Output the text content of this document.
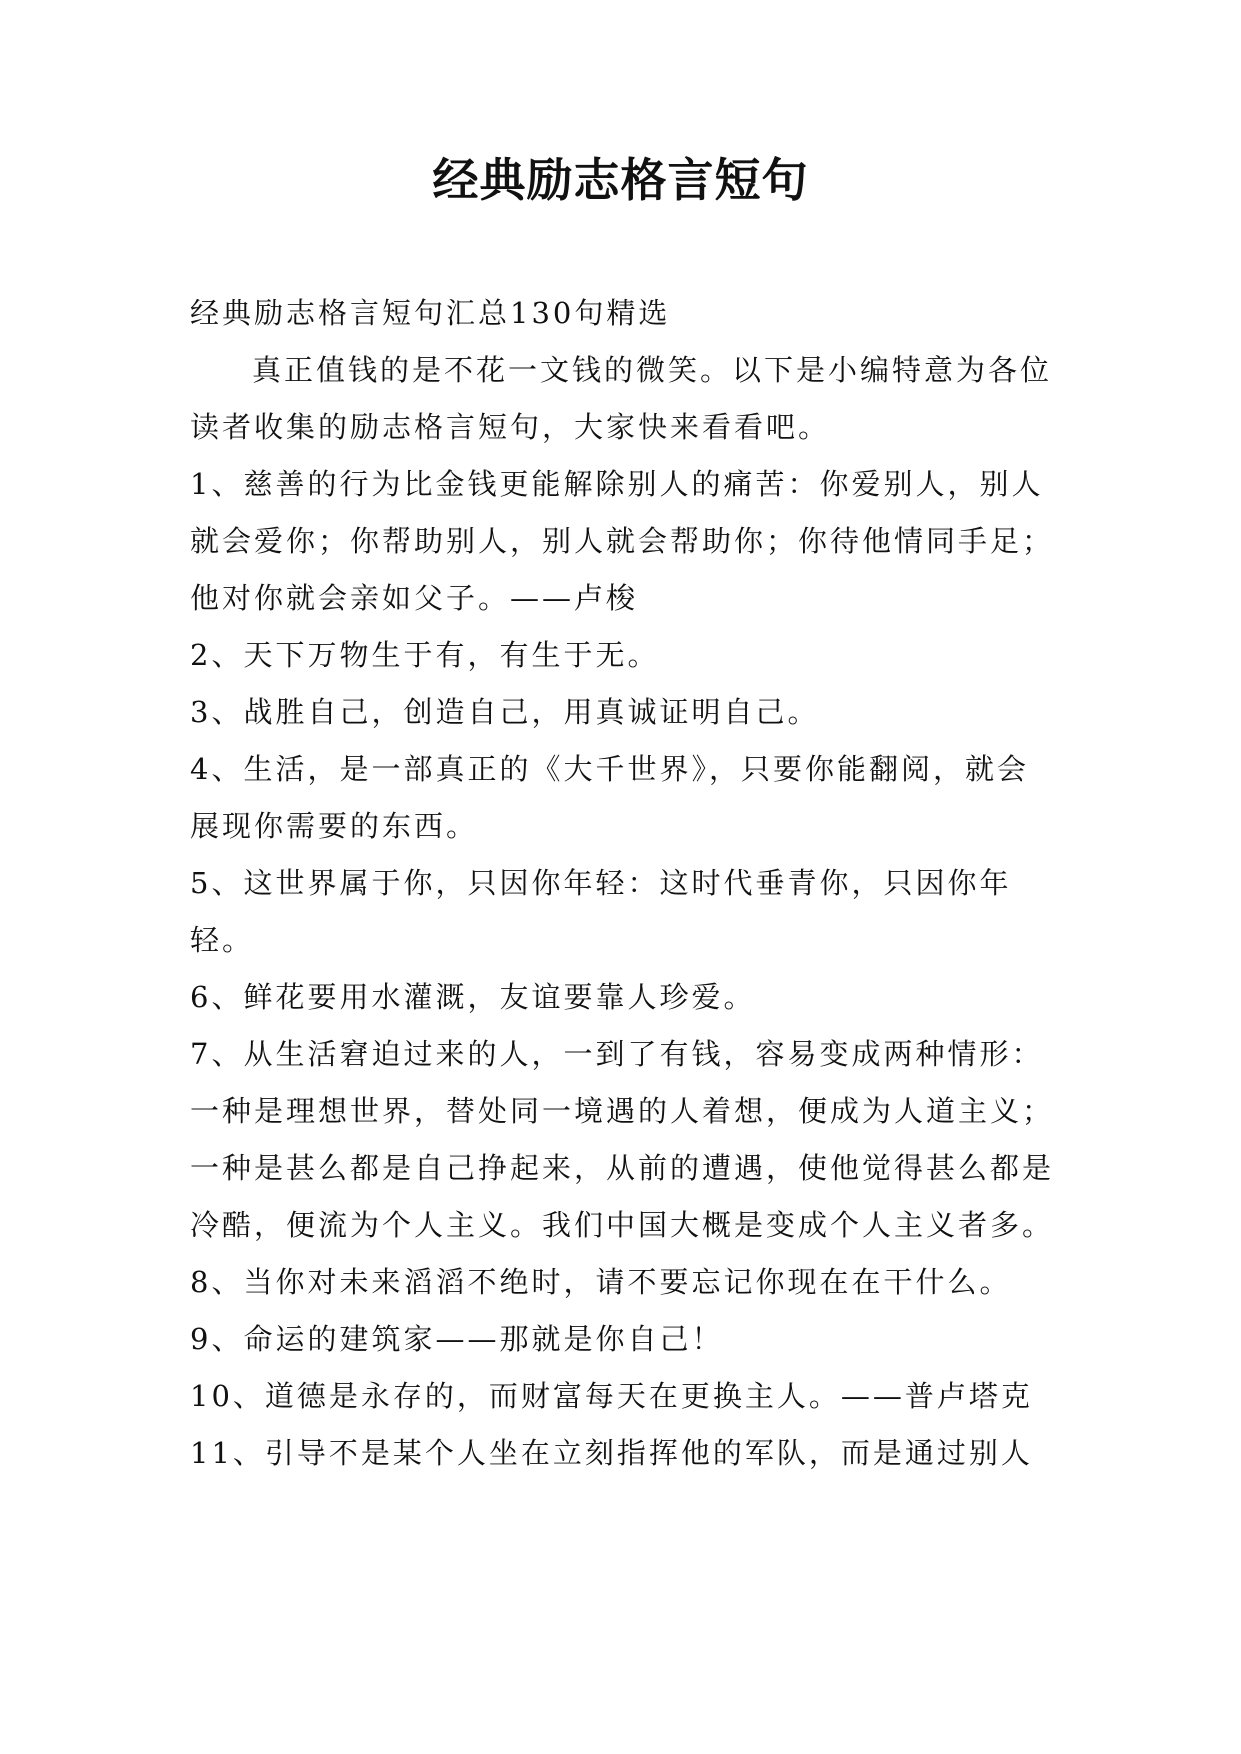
经典励志格言短句

经典励志格言短句汇总130句精选

真正值钱的是不花一文钱的微笑。以下是小编特意为各位读者收集的励志格言短句，大家快来看看吧。

1、慈善的行为比金钱更能解除别人的痛苦：你爱别人，别人就会爱你；你帮助别人，别人就会帮助你；你待他情同手足；他对你就会亲如父子。——卢梭
2、天下万物生于有，有生于无。
3、战胜自己，创造自己，用真诚证明自己。
4、生活，是一部真正的《大千世界》，只要你能翻阅，就会展现你需要的东西。
5、这世界属于你，只因你年轻：这时代垂青你，只因你年轻。
6、鲜花要用水灌溉，友谊要靠人珍爱。
7、从生活窘迫过来的人，一到了有钱，容易变成两种情形：一种是理想世界，替处同一境遇的人着想，便成为人道主义；一种是甚么都是自己挣起来，从前的遭遇，使他觉得甚么都是冷酷，便流为个人主义。我们中国大概是变成个人主义者多。
8、当你对未来滔滔不绝时，请不要忘记你现在在干什么。
9、命运的建筑家——那就是你自己！
10、道德是永存的，而财富每天在更换主人。——普卢塔克
11、引导不是某个人坐在立刻指挥他的军队，而是通过别人
